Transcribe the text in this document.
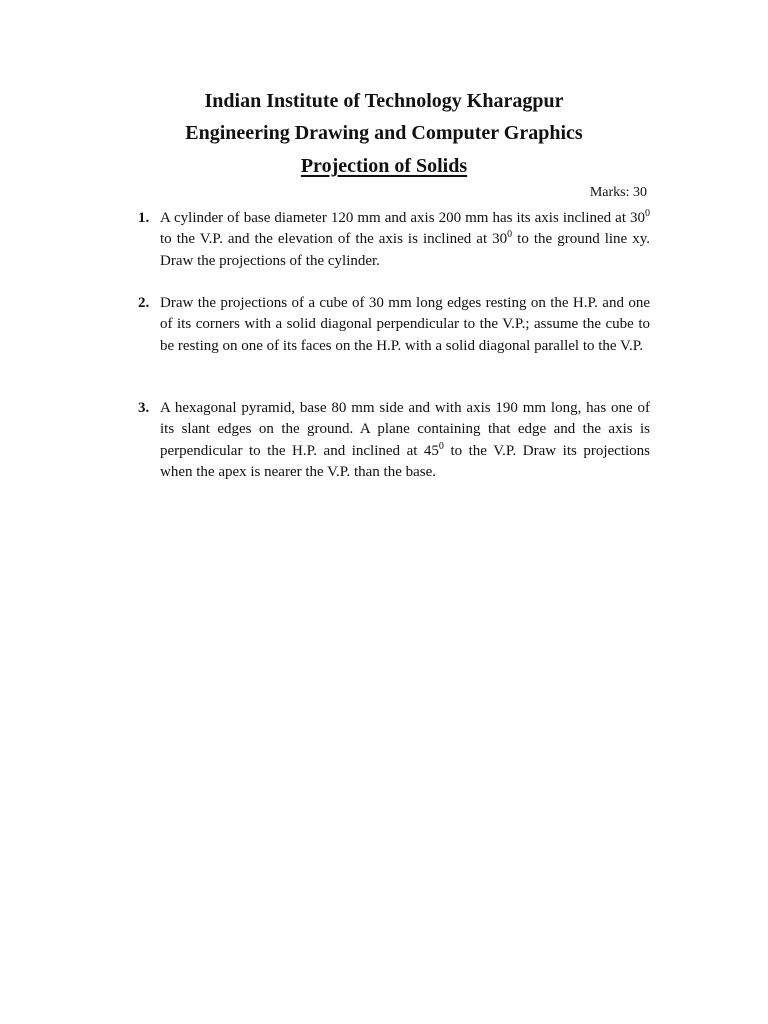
Indian Institute of Technology Kharagpur
Engineering Drawing and Computer Graphics
Projection of Solids
Marks: 30
1. A cylinder of base diameter 120 mm and axis 200 mm has its axis inclined at $30^0$ to the V.P. and the elevation of the axis is inclined at $30^0$ to the ground line xy. Draw the projections of the cylinder.

2. Draw the projections of a cube of 30 mm long edges resting on the H.P. and one of its corners with a solid diagonal perpendicular to the V.P.; assume the cube to be resting on one of its faces on the H.P. with a solid diagonal parallel to the V.P.

3. A hexagonal pyramid, base 80 mm side and with axis 190 mm long, has one of its slant edges on the ground. A plane containing that edge and the axis is perpendicular to the H.P. and inclined at $45^0$ to the V.P. Draw its projections when the apex is nearer the V.P. than the base.
